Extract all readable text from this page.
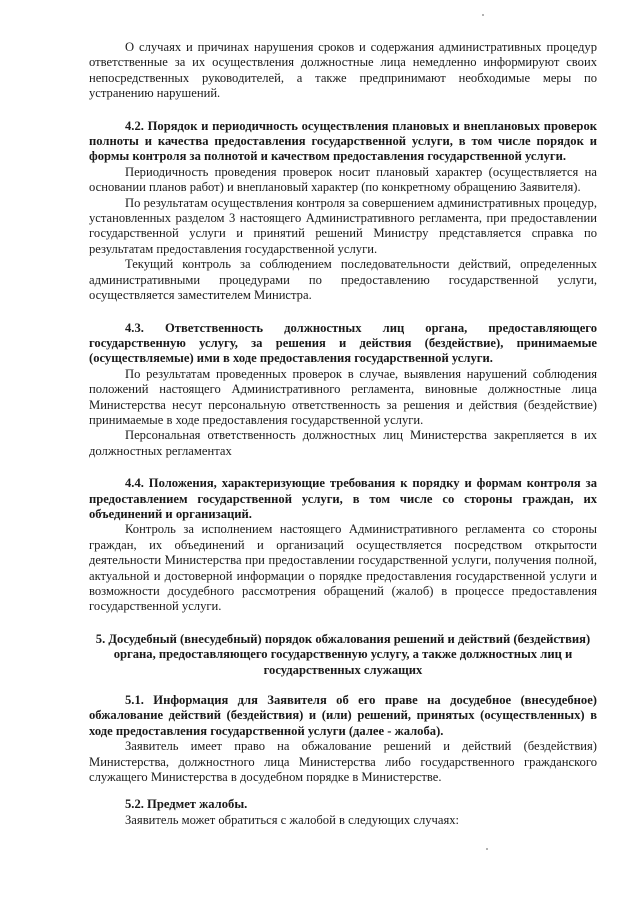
О случаях и причинах нарушения сроков и содержания административных процедур ответственные за их осуществления должностные лица немедленно информируют своих непосредственных руководителей, а также предпринимают необходимые меры по устранению нарушений.

4.2. Порядок и периодичность осуществления плановых и внеплановых проверок полноты и качества предоставления государственной услуги, в том числе порядок и формы контроля за полнотой и качеством предоставления государственной услуги.

Периодичность проведения проверок носит плановый характер (осуществляется на основании планов работ) и внеплановый характер (по конкретному обращению Заявителя).

По результатам осуществления контроля за совершением административных процедур, установленных разделом 3 настоящего Административного регламента, при предоставлении государственной услуги и принятий решений Министру представляется справка по результатам предоставления государственной услуги.

Текущий контроль за соблюдением последовательности действий, определенных административными процедурами по предоставлению государственной услуги, осуществляется заместителем Министра.

4.3. Ответственность должностных лиц органа, предоставляющего государственную услугу, за решения и действия (бездействие), принимаемые (осуществляемые) ими в ходе предоставления государственной услуги.

По результатам проведенных проверок в случае, выявления нарушений соблюдения положений настоящего Административного регламента, виновные должностные лица Министерства несут персональную ответственность за решения и действия (бездействие) принимаемые в ходе предоставления государственной услуги.

Персональная ответственность должностных лиц Министерства закрепляется в их должностных регламентах

4.4. Положения, характеризующие требования к порядку и формам контроля за предоставлением государственной услуги, в том числе со стороны граждан, их объединений и организаций.

Контроль за исполнением настоящего Административного регламента со стороны граждан, их объединений и организаций осуществляется посредством открытости деятельности Министерства при предоставлении государственной услуги, получения полной, актуальной и достоверной информации о порядке предоставления государственной услуги и возможности досудебного рассмотрения обращений (жалоб) в процессе предоставления государственной услуги.

5. Досудебный (внесудебный) порядок обжалования решений и действий (бездействия) органа, предоставляющего государственную услугу, а также должностных лиц и государственных служащих

5.1. Информация для Заявителя об его праве на досудебное (внесудебное) обжалование действий (бездействия) и (или) решений, принятых (осуществленных) в ходе предоставления государственной услуги (далее - жалоба).

Заявитель имеет право на обжалование решений и действий (бездействия) Министерства, должностного лица Министерства либо государственного гражданского служащего Министерства в досудебном порядке в Министерстве.

5.2. Предмет жалобы.

Заявитель может обратиться с жалобой в следующих случаях:
